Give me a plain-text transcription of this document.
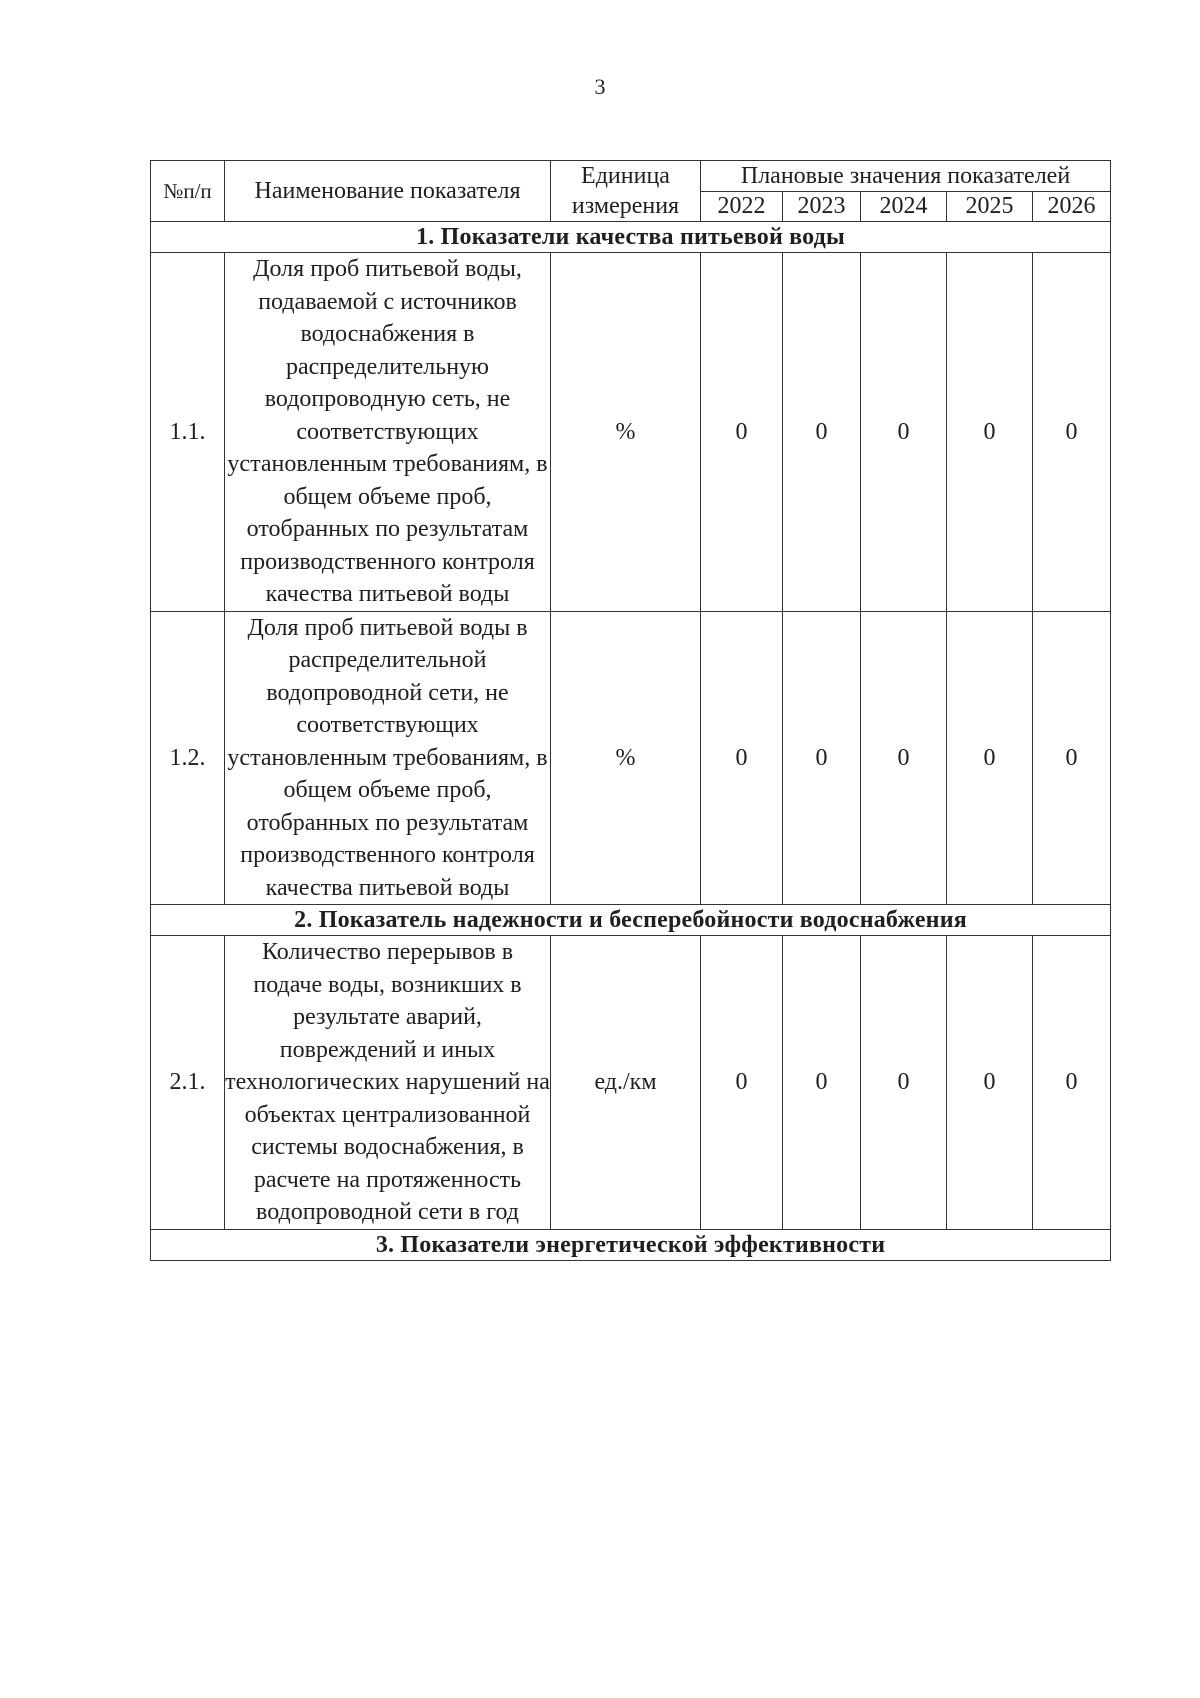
3
№п/п	Наименование показателя	Единица измерения	Плановые значения показателей				
			2022	2023	2024	2025	2026
1. Показатели качества питьевой воды							
1.1.	Доля проб питьевой воды, подаваемой с источников водоснабжения в распределительную водопроводную сеть, не соответствующих установленным требованиям, в общем объеме проб, отобранных по результатам производственного контроля качества питьевой воды	%	0	0	0	0	0
1.2.	Доля проб питьевой воды в распределительной водопроводной сети, не соответствующих установленным требованиям, в общем объеме проб, отобранных по результатам производственного контроля качества питьевой воды	%	0	0	0	0	0
2. Показатель надежности и бесперебойности водоснабжения							
2.1.	Количество перерывов в подаче воды, возникших в результате аварий, повреждений и иных технологических нарушений на объектах централизованной системы водоснабжения, в расчете на протяженность водопроводной сети в год	ед./км	0	0	0	0	0
3. Показатели энергетической эффективности							
